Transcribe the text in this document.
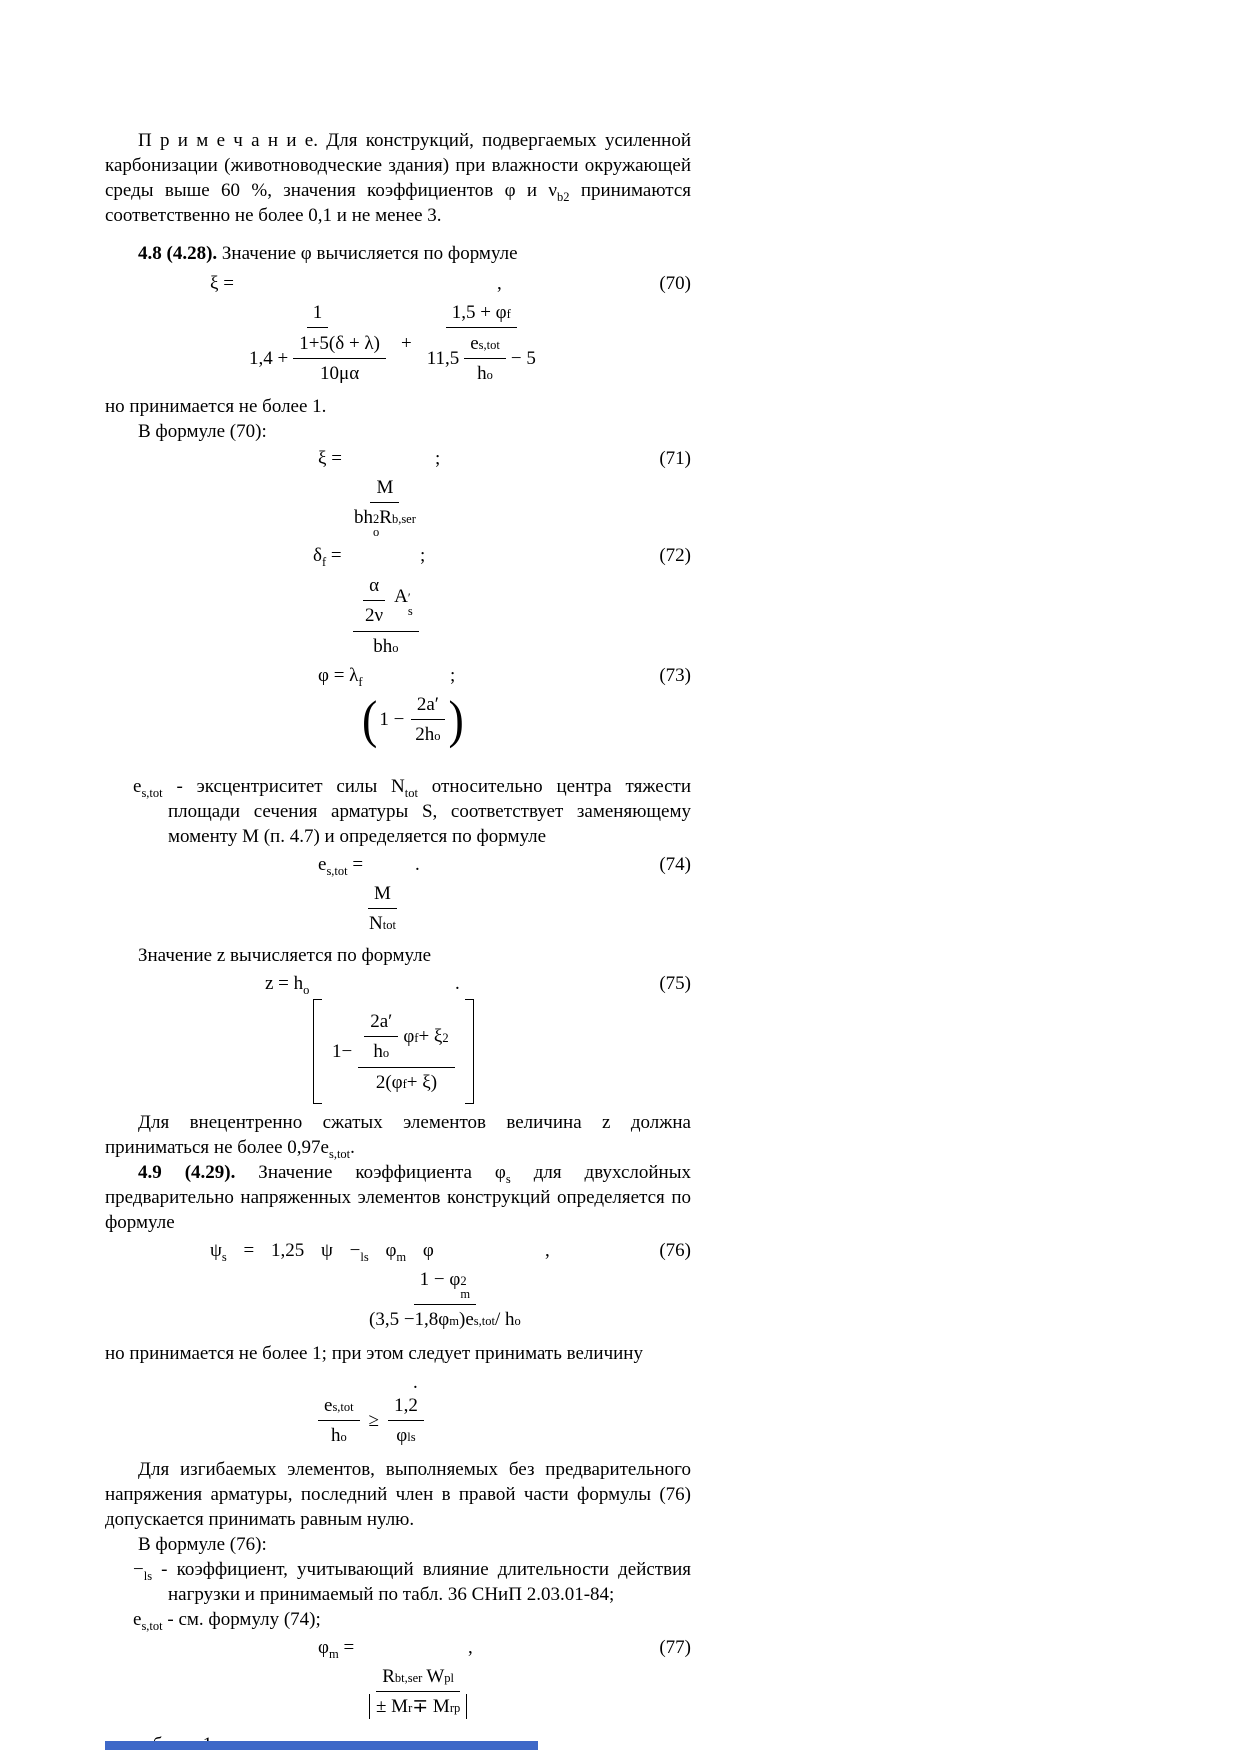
П р и м е ч а н и е. Для конструкций, подвергаемых усиленной карбонизации (животноводческие здания) при влажности окружающей среды выше 60 %, значения коэффициентов φ и $\nu_{b2}$ принимаются соответственно не более 0,1 и не менее 3.

4.8 (4.28). Значение φ вычисляется по формуле

ξ =	,	(70)
$\frac{1}{1,4 + \frac{1+5(\delta + \lambda)}{10\mu\alpha}} + \frac{\text{1,5 + φ f}}{11,5 \frac{\text{e s,tot}}{\text{h o}} - 5}$

но принимается не более 1.

В формуле (70):

ξ =	;	(71)
M
bh 2
o
R b,ser
$\delta_f$ =	;	(72)
$\frac{\alpha}{2\nu}$ A ′
s
bh o
$\varphi = \lambda_f$	;	(73)
( $1 - \frac{2a'}{\text{2h o}}$ )

$e_{s,tot}$ - эксцентриситет силы $N_{tot}$ относительно центра тяжести площади сечения арматуры S, соответствует заменяющему моменту М (п. 4.7) и определяется по формуле

$e_{s,tot}$ =	.	(74)
$\frac{M}{\text{N tot}}$

Значение z вычисляется по формуле

$z = h_o$	.	(75)
$1- \frac{\frac{2a'}{\text{h o}} \varphi f + \xi 2}{\text{2(φ f + ξ)}}$

Для внецентренно сжатых элементов величина z должна приниматься не более $0,97e_{s,tot}$.

4.9 (4.29). Значение коэффициента $\varphi_s$ для двухслойных предварительно напряженных элементов конструкций определяется по формуле

$\psi_s = 1,25$ $\psi -_{ls}$ $\varphi_m$ φ	,	(76)
1 − φ 2
m
(3,5 −1,8φ m )e s,tot / h o

но принимается не более 1; при этом следует принимать величину

.
$\frac{\text{e s,tot}}{\text{h o}} \ge \frac{1,2}{\text{φ ls}}$

Для изгибаемых элементов, выполняемых без предварительного напряжения арматуры, последний член в правой части формулы (76) допускается принимать равным нулю.

В формуле (76):

$-_{ls}$ - коэффициент, учитывающий влияние длительности действия нагрузки и принимаемый по табл. 36 СНиП 2.03.01-84;

$e_{s,tot}$ - см. формулу (74);

$\varphi_m$ =	,	(77)
$\frac{\text{R bt,ser W pl}}{\text{± M r ∓ M rp}}$
